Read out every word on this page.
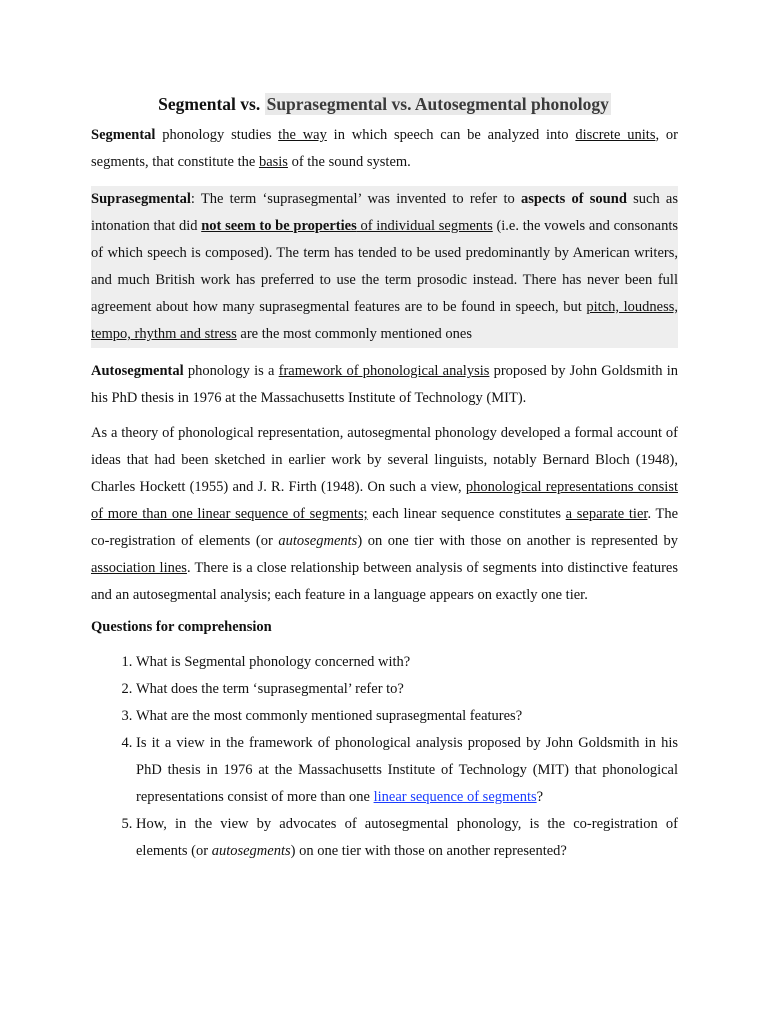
Segmental vs. Suprasegmental vs. Autosegmental phonology

Segmental phonology studies the way in which speech can be analyzed into discrete units, or segments, that constitute the basis of the sound system.

Suprasegmental: The term ‘suprasegmental’ was invented to refer to aspects of sound such as intonation that did not seem to be properties of individual segments (i.e. the vowels and consonants of which speech is composed). The term has tended to be used predominantly by American writers, and much British work has preferred to use the term prosodic instead. There has never been full agreement about how many suprasegmental features are to be found in speech, but pitch, loudness, tempo, rhythm and stress are the most commonly mentioned ones

Autosegmental phonology is a framework of phonological analysis proposed by John Goldsmith in his PhD thesis in 1976 at the Massachusetts Institute of Technology (MIT).

As a theory of phonological representation, autosegmental phonology developed a formal account of ideas that had been sketched in earlier work by several linguists, notably Bernard Bloch (1948), Charles Hockett (1955) and J. R. Firth (1948). On such a view, phonological representations consist of more than one linear sequence of segments; each linear sequence constitutes a separate tier. The co-registration of elements (or autosegments) on one tier with those on another is represented by association lines. There is a close relationship between analysis of segments into distinctive features and an autosegmental analysis; each feature in a language appears on exactly one tier.

Questions for comprehension
1. What is Segmental phonology concerned with?
2. What does the term ‘suprasegmental’ refer to?
3. What are the most commonly mentioned suprasegmental features?
4. Is it a view in the framework of phonological analysis proposed by John Goldsmith in his PhD thesis in 1976 at the Massachusetts Institute of Technology (MIT) that phonological representations consist of more than one linear sequence of segments?
5. How, in the view by advocates of autosegmental phonology, is the co-registration of elements (or autosegments) on one tier with those on another represented?
